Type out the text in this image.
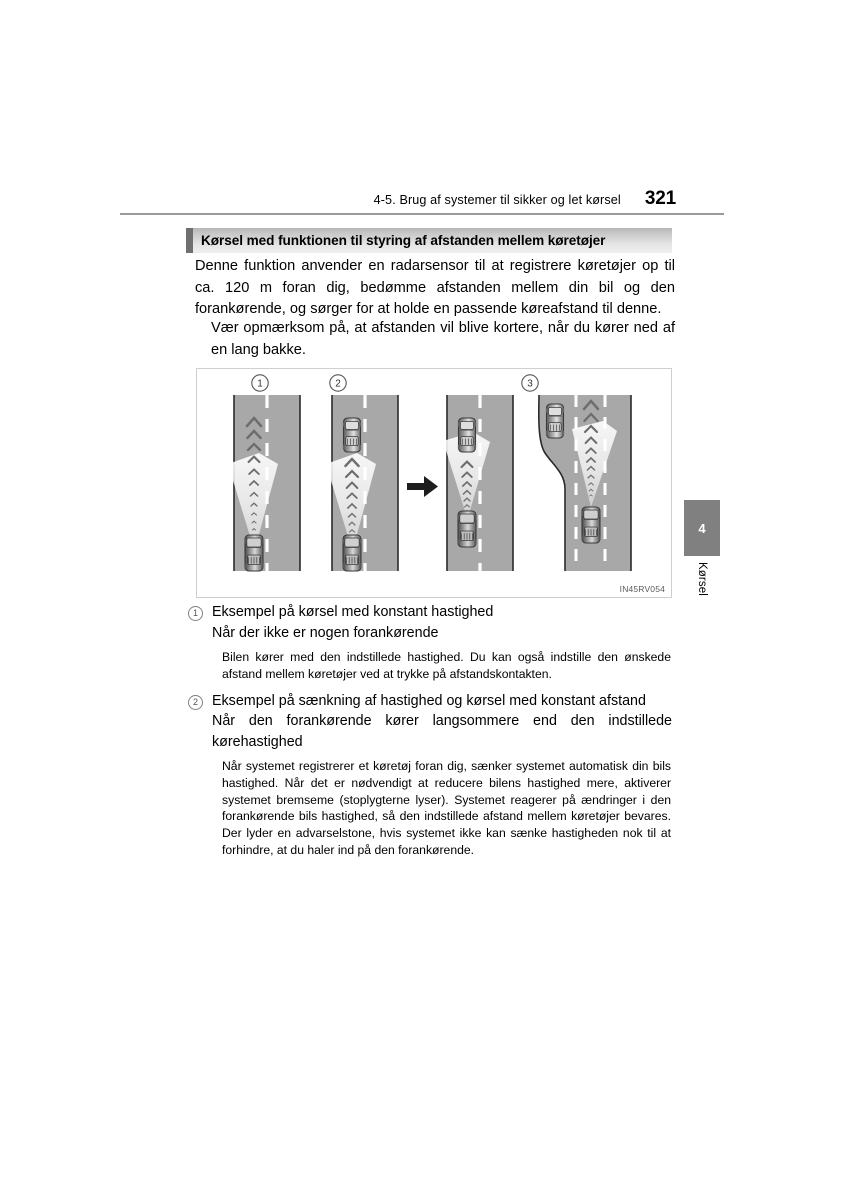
4-5. Brug af systemer til sikker og let kørsel 321
Kørsel med funktionen til styring af afstanden mellem køretøjer
Denne funktion anvender en radarsensor til at registrere køretøjer op til ca. 120 m foran dig, bedømme afstanden mellem din bil og den forankørende, og sørger for at holde en passende køreafstand til denne.
Vær opmærksom på, at afstanden vil blive kortere, når du kører ned af en lang bakke.
1	2	3
IN45RV054
1 Eksempel på kørsel med konstant hastighed
Når der ikke er nogen forankørende
Bilen kører med den indstillede hastighed. Du kan også indstille den ønskede afstand mellem køretøjer ved at trykke på afstandskontakten.
2 Eksempel på sænkning af hastighed og kørsel med konstant afstand
Når den forankørende kører langsommere end den indstillede kørehastighed
Når systemet registrerer et køretøj foran dig, sænker systemet automatisk din bils hastighed. Når det er nødvendigt at reducere bilens hastighed mere, aktiverer systemet bremseme (stoplygterne lyser). Systemet reagerer på ændringer i den forankørende bils hastighed, så den indstillede afstand mellem køretøjer bevares. Der lyder en advarselstone, hvis systemet ikke kan sænke hastigheden nok til at forhindre, at du haler ind på den forankørende.
4
Kørsel
